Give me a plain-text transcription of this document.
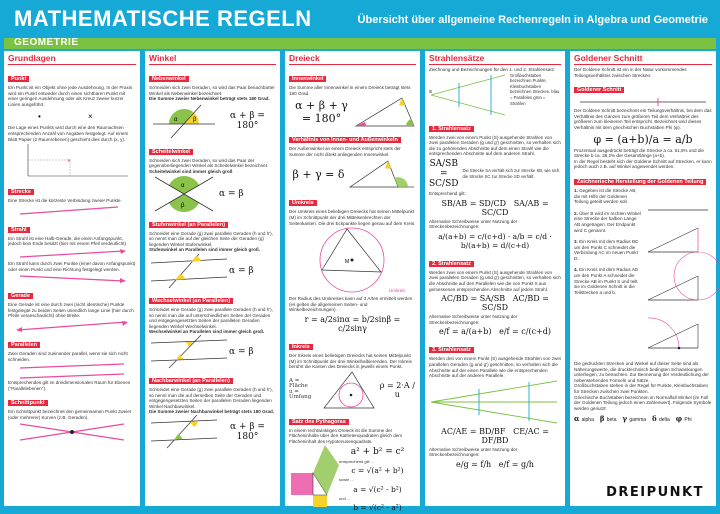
MATHEMATISCHE REGELN	Übersicht über allgemeine Rechenregeln in Algebra und Geometrie
GEOMETRIE
Grundlagen
Punkt
Ein Punkt ist ein Objekt ohne jede Ausdehnung. In der Praxis wird ein Punkt entweder durch einen sichtbaren Punkt mit einer geringen Ausdehnung oder als Kreuz zweier kurzer Linien ausgeführt.
•	×
Die Lage eines Punkts wird durch eine den Raumachsen entsprechenden Anzahl von Angaben festgelegt. Auf einem Blatt Papier (2 Raumrebenen) geschieht dies durch (x, y).
×
Strecke
Eine Strecke ist die kürzeste Verbindung zweier Punkte.
Strahl
Ein Strahl ist eine Halb-Gerade, die einen Anfangspunkt, jedoch kein Ende besitzt (hier mit einem Pfeil verdeutlicht).
Ein Strahl kann durch zwei Punkte (einer davon Anfangspunkt) oder einen Punkt und eine Richtung festgelegt werden.
Gerade
Eine Gerade ist eine durch zwei (nicht identische) Punkte festgelegte zu beiden Seiten unendlich lange Linie (hier durch Pfeile veranschaulicht) ohne Breite.
Parallelen
Zwei Geraden sind zueinander parallel, wenn sie sich nicht schneiden.
Entsprechendes gilt im dreidimensionalen Raum für Ebenen ("Parallelebenen").
Schnittpunkt
Ein Schnittpunkt bezeichnet den gemeinsamen Punkt zweier (oder mehrerer) Kurven (z.B. Geraden).
Winkel
Nebenwinkel
Schneiden sich zwei Geraden, so wird das Paar benachbarter Winkel als Nebenwinkel bezeichnet.
Die Summe zweier Nebenwinkel beträgt stets 180 Grad.
α	β	α + β = 180°
Scheitelwinkel
Schneiden sich zwei Geraden, so wird das Paar der gegenüberliegenden Winkel als Scheitelwinkel bezeichnet.
Scheitelwinkel sind immer gleich groß
α
β
α = β
Stufenwinkel (an Parallelen)
Schneidet eine Gerade (g) zwei parallele Geraden (h und h'), so nennt man die auf der gleichen Seite der Geraden (g) liegenden Winkel Stufenwinkel.
Stufenwinkel an Parallelen sind immer gleich groß.
α = β
Wechselwinkel (an Parallelen)
Schneidet eine Gerade (g) zwei parallele Geraden (h und h'), so nennt man die auf unterschiedlichen Seiten der Geraden und entgegengesetzten Seiten der parallelen Geraden liegenden Winkel Wechselwinkel.
Wechselwinkel an Parallelen sind immer gleich groß.
α = β
Nachbarwinkel (an Parallelen)
Schneidet eine Gerade (g) zwei parallele Geraden (h und h'), so nennt man die auf derselben Seite der Geraden und entgegengesetzten Seiten der parallelen Geraden liegenden Winkel Nachbarwinkel.
Die Summe zweier Nachbarwinkel beträgt stets 180 Grad.
α + β = 180°
Dreieck
Innenwinkel
Die Summe aller Innenwinkel in einem Dreieck beträgt stets 180 Grad.
α + β + γ = 180°
Verhältnis von Innen- und Außenwinkeln
Der Außenwinkel an einem Dreieck entspricht stets der Summe der nicht direkt anliegenden Innenwinkel.
β + γ = δ
Umkreis
Der Umkreis eines beliebigen Dreiecks hat seinen Mittelpunkt (M) im Schnittpunkt der drei Mittelsenkrechten der Seitenkanten. Die drei Eckpunkte liegen genau auf dem Kreis.
M
Umkreis
Der Radius des Umkreises kann auf 3 Arten ermittelt werden (es gelten die allgemeinen Seiten- und Winkelbezeichnungen).
r = a/2sinα = b/2sinβ = c/2sinγ
Inkreis
Der Inkreis eines beliebigen Dreiecks hat seinen Mittelpunkt (M) im Schnittpunkt der drei Winkelhalbierenden. Der Inkreis berührt die Kanten des Dreiecks in jeweils einem Punkt.
A = Fläche
u = Umfang
ρ = 2·A / u
Satz des Pythagoras
In einem rechtwinkligen Dreieck ist die Summe der Flächeninhalte über den Kathetenquadraten gleich dem Flächeninhalt des Hypotenusenquadrats.
a² + b² = c²
entsprechend gilt ...
c = √(a² + b²)
sowie ...
a = √(c² - b²)
und ...
b = √(c² - a²)
Strahlensätze
Zeichnung und Bezeichnungen für den 1. und 2. Strahlensatz:
S
Großbuchstaben bezeichnen Punkte, Kleinbuchstaben bezeichnen Strecken. blau = Parallelen grün = Strahlen
1. Strahlensatz
Werden zwei von einem Punkt (S) ausgehende Strahlen von zwei parallelen Geraden (g und g') geschnitten, so verhalten sich die zu gehörenden Abschnitte auf dem einen Strahl wie die entsprechenden Abschnitte auf dem anderen Strahl.
SA/SB = SC/SD
Die Strecke SA verhält sich zur Strecke SB, wie sich die Strecke SC zur Strecke SD verhält.
Entsprechend gilt:
SB/AB = SD/CD   SA/AB = SC/CD
Alternative Schreibweise unter Nutzung der Streckenbezeichnungen:
a/(a+b) = c/(c+d) · a/b = c/d · b/(a+b) = d/(c+d)
2. Strahlensatz
Werden zwei von einem Punkt (S) ausgehende Strahlen von zwei parallelen Geraden (g und g') geschnitten, so verhalten sich die Abschnitte auf den Parallelen wie die von Punkt S aus gemessenen entsprechenden Abschnitte auf jedem Strahl.
AC/BD = SA/SB   AC/BD = SC/SD
Alternative Schreibweise unter Nutzung der Streckenbezeichnungen:
e/f = a/(a+b)   e/f = c/(c+d)
3. Strahlensatz
Werden drei von einem Punkt (S) ausgehende Strahlen von zwei parallelen Geraden (g und g') geschnitten, so verhalten sich die Abschnitte auf der einen Parallele wie die entsprechenden Abschnitte auf der anderen Parallele.
AC/AE = BD/BF   CE/AC = DF/BD
Alternative Schreibweise unter Nutzung der Streckenbezeichnungen:
e/g = f/h   e/f = g/h
Goldener Schnitt
Der Goldene Schnitt ist ein in der Natur vorkommendes Teilungsverhältnis zwischen Strecken.
Goldener Schnitt
Der Goldene Schnitt bezeichnet ein Teilungsverhältnis, bei dem das Verhältnis des Ganzen zum größeren Teil dem Verhältnis des größeren zum kleineren Teil entspricht. Bezeichnet wird dieses Verhältnis mit dem griechischen Buchstaben Phi (φ).
φ = (a+b)/a = a/b
Prozentual ausgedrückt beträgt die Strecke a ca. 61,8% und die Strecke b ca. 38,2% der Gesamtlänge (a+b).
In der Regel besteht sich der Goldene Schnitt auf Strecken, er kann jedoch auch z.B. auf Winkel angewendet werden.
Zeichnerische Herstellung der Goldenen Teilung
1. Gegeben ist die Strecke AB, die mit Hilfe der Goldenen Teilung geteilt werden soll.
2. Über B wird im rechten Winkel eine Strecke der halben Länge AB angetragen. Der Endpunkt wird C genannt.
3. Ein Kreis mit dem Radius BC um den Punkt C schneidet die Verbindung AC im neuen Punkt D.
4. Ein Kreis mit dem Radius AD um den Punkt A schneidet die Strecke AB im Punkt S und teilt sie im Goldenen Schnitt in die Teilstrecken a und b.
Die gedruckten Strecken und Winkel auf dieser Seite sind als Näherungswerte, die drucktechnisch bedingten Schwankungen unterliegen, zu betrachten. Zur Bennenung der Verdeutlichung der nebenstehenden Formeln und Sätze.
Großbuchstaben stehen in der Regel für Punkte, Kleinbuchstaben für Strecken zwischen zwei Punkten.
Griechische Buchstaben bezeichnen im Normalfall Winkel (im Fall der Goldenen Teilung jedoch einen Zahlenwert). Folgende Symbole werden genutzt:
α alpha β beta γ gamma δ delta φ Phi
DREIPUNKT
